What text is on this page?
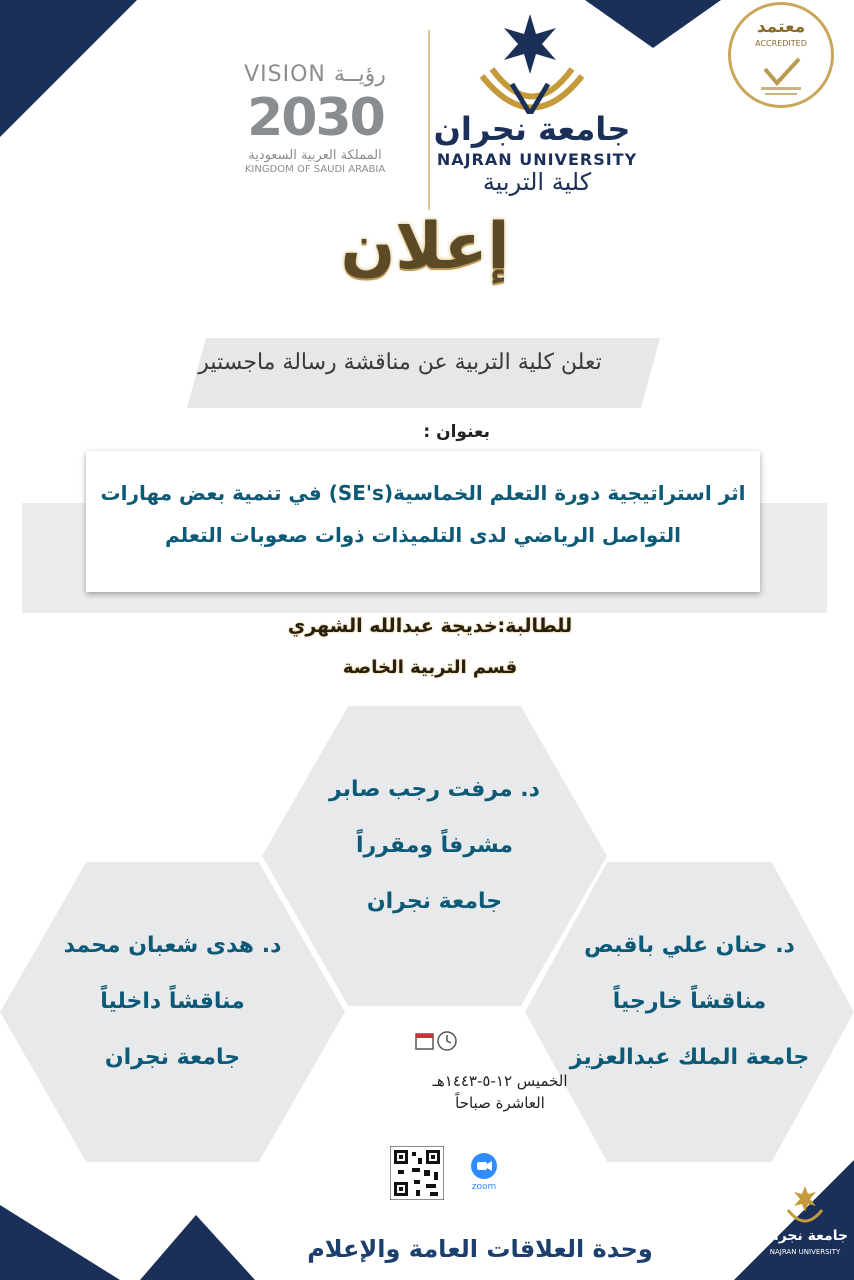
VISION رؤيــة
2030
المملكة العربية السعودية
KINGDOM OF SAUDI ARABIA
جامعة نجران
NAJRAN UNIVERSITY
كلية التربية
معتمد
ACCREDITED
إعلان
تعلن كلية التربية عن مناقشة رسالة ماجستير
بعنوان :
اثر استراتيجية دورة التعلم الخماسية(SE's) في تنمية بعض مهارات
التواصل الرياضي لدى التلميذات ذوات صعوبات التعلم
للطالبة:خديجة عبدالله الشهري
قسم التربية الخاصة
د. مرفت رجب صابر
مشرفاً ومقرراً
جامعة نجران
د. هدى شعبان محمد
مناقشاً داخلياً
جامعة نجران
د. حنان علي باقبص
مناقشاً خارجياً
جامعة الملك عبدالعزيز
الخميس ١٢-٥-١٤٤٣هـ
العاشرة صباحاً
zoom
وحدة العلاقات العامة والإعلام	جامعة نجران
NAJRAN UNIVERSITY
